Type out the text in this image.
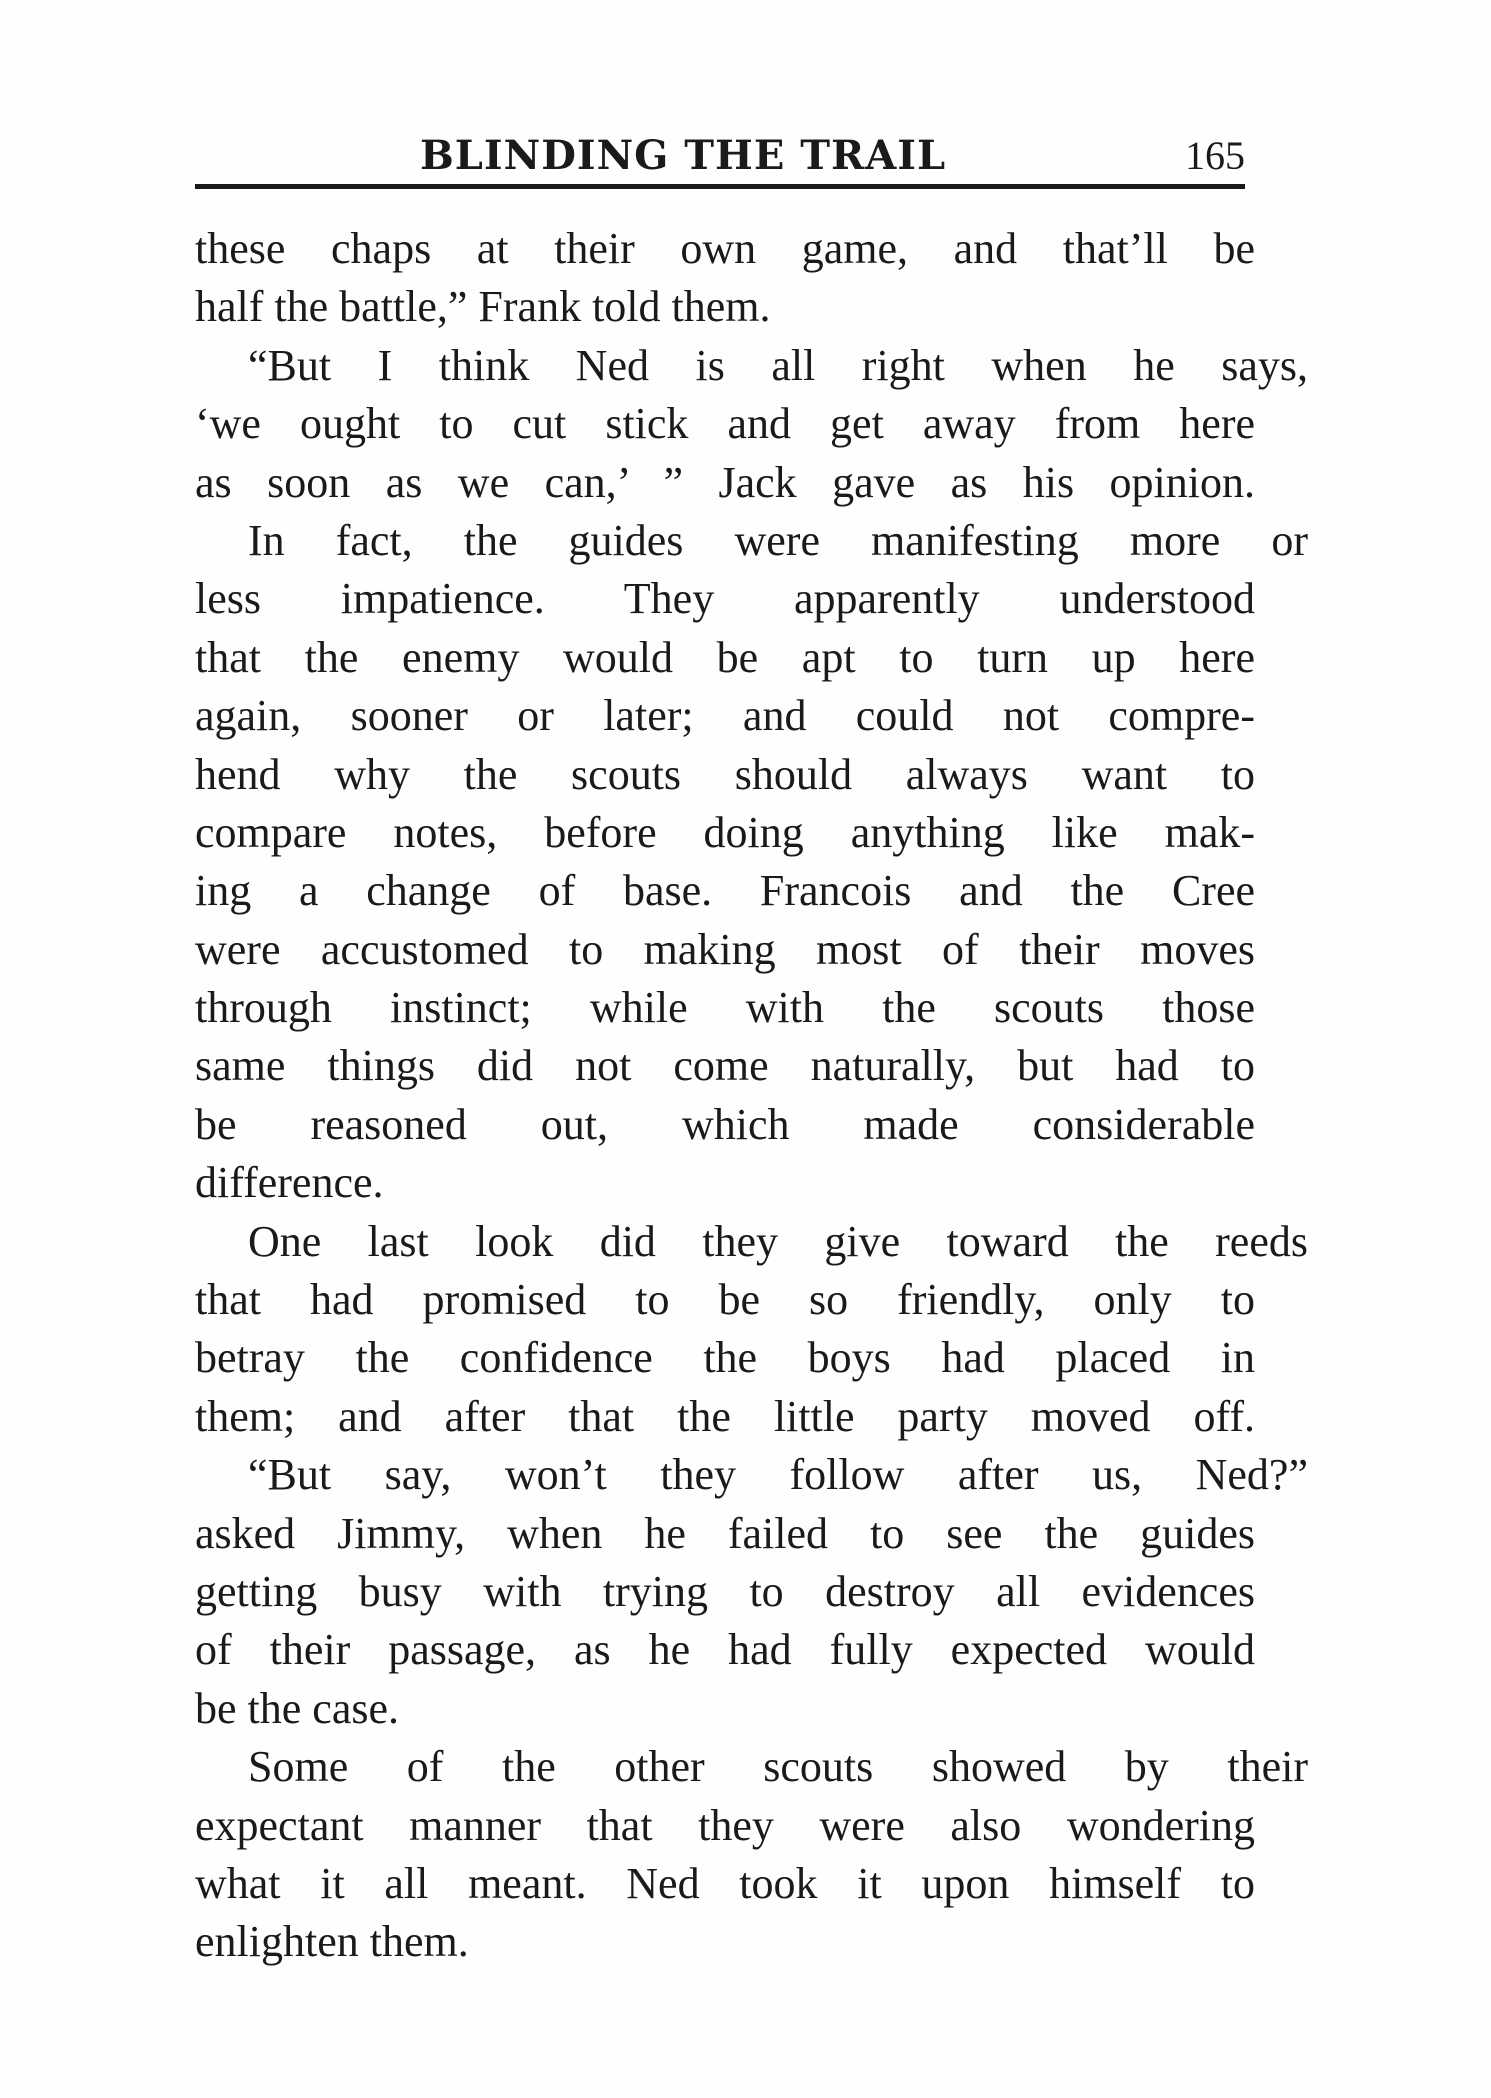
BLINDING THE TRAIL	165
these chaps at their own game, and that’ll be
half the battle,” Frank told them.
“But I think Ned is all right when he says,
‘we ought to cut stick and get away from here
as soon as we can,’ ” Jack gave as his opinion.
In fact, the guides were manifesting more or
less impatience. They apparently understood
that the enemy would be apt to turn up here
again, sooner or later; and could not compre-
hend why the scouts should always want to
compare notes, before doing anything like mak-
ing a change of base. Francois and the Cree
were accustomed to making most of their moves
through instinct; while with the scouts those
same things did not come naturally, but had to
be reasoned out, which made considerable
difference.
One last look did they give toward the reeds
that had promised to be so friendly, only to
betray the confidence the boys had placed in
them; and after that the little party moved off.
“But say, won’t they follow after us, Ned?”
asked Jimmy, when he failed to see the guides
getting busy with trying to destroy all evidences
of their passage, as he had fully expected would
be the case.
Some of the other scouts showed by their
expectant manner that they were also wondering
what it all meant. Ned took it upon himself to
enlighten them.
